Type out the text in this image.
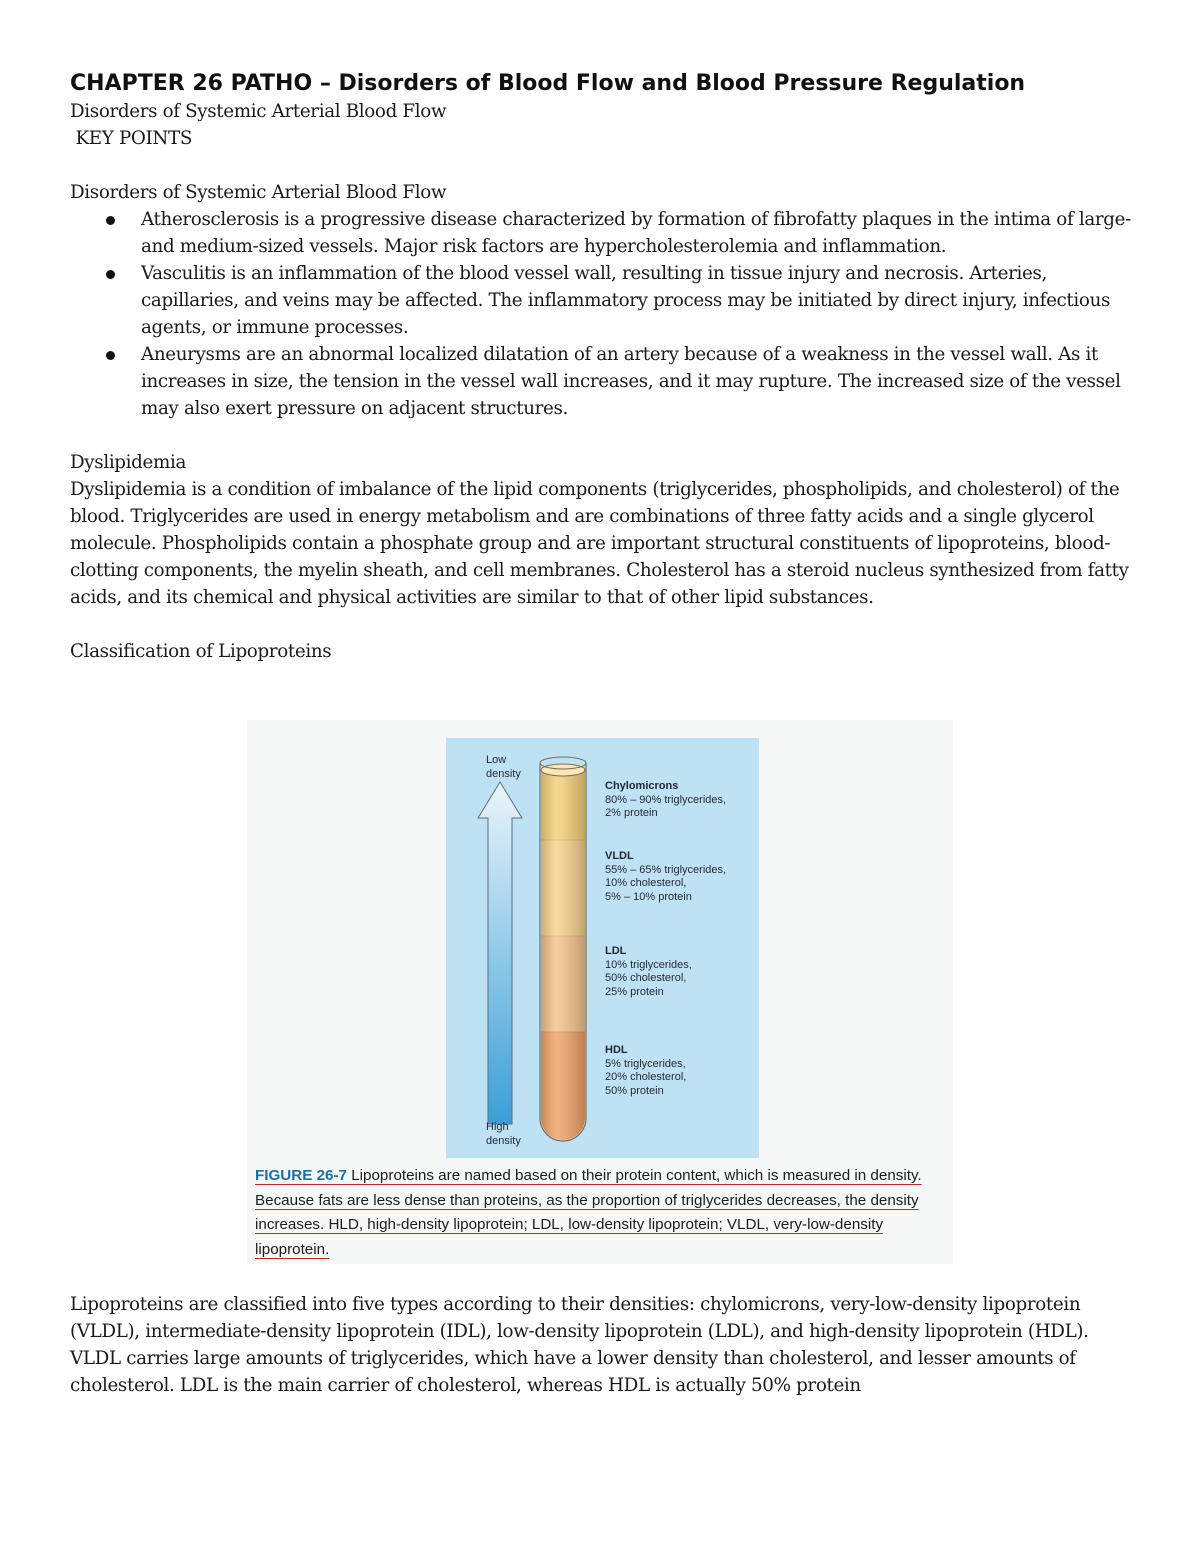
CHAPTER 26 PATHO – Disorders of Blood Flow and Blood Pressure Regulation

Disorders of Systemic Arterial Blood Flow

KEY POINTS

Disorders of Systemic Arterial Blood Flow

Atherosclerosis is a progressive disease characterized by formation of fibrofatty plaques in the intima of large- and medium-sized vessels. Major risk factors are hypercholesterolemia and inflammation.
Vasculitis is an inflammation of the blood vessel wall, resulting in tissue injury and necrosis. Arteries, capillaries, and veins may be affected. The inflammatory process may be initiated by direct injury, infectious agents, or immune processes.
Aneurysms are an abnormal localized dilatation of an artery because of a weakness in the vessel wall. As it increases in size, the tension in the vessel wall increases, and it may rupture. The increased size of the vessel may also exert pressure on adjacent structures.

Dyslipidemia

Dyslipidemia is a condition of imbalance of the lipid components (triglycerides, phospholipids, and cholesterol) of the blood. Triglycerides are used in energy metabolism and are combinations of three fatty acids and a single glycerol molecule. Phospholipids contain a phosphate group and are important structural constituents of lipoproteins, blood-clotting components, the myelin sheath, and cell membranes. Cholesterol has a steroid nucleus synthesized from fatty acids, and its chemical and physical activities are similar to that of other lipid substances.

Classification of Lipoproteins

Low
density
High
density
Chylomicrons
80% – 90% triglycerides,
2% protein
VLDL
55% – 65% triglycerides,
10% cholesterol,
5% – 10% protein
LDL
10% triglycerides,
50% cholesterol,
25% protein
HDL
5% triglycerides,
20% cholesterol,
50% protein
FIGURE 26-7 Lipoproteins are named based on their protein content, which is measured in density. Because fats are less dense than proteins, as the proportion of triglycerides decreases, the density increases. HLD, high-density lipoprotein; LDL, low-density lipoprotein; VLDL, very-low-density lipoprotein.

Lipoproteins are classified into five types according to their densities: chylomicrons, very-low-density lipoprotein (VLDL), intermediate-density lipoprotein (IDL), low-density lipoprotein (LDL), and high-density lipoprotein (HDL). VLDL carries large amounts of triglycerides, which have a lower density than cholesterol, and lesser amounts of cholesterol. LDL is the main carrier of cholesterol, whereas HDL is actually 50% protein
